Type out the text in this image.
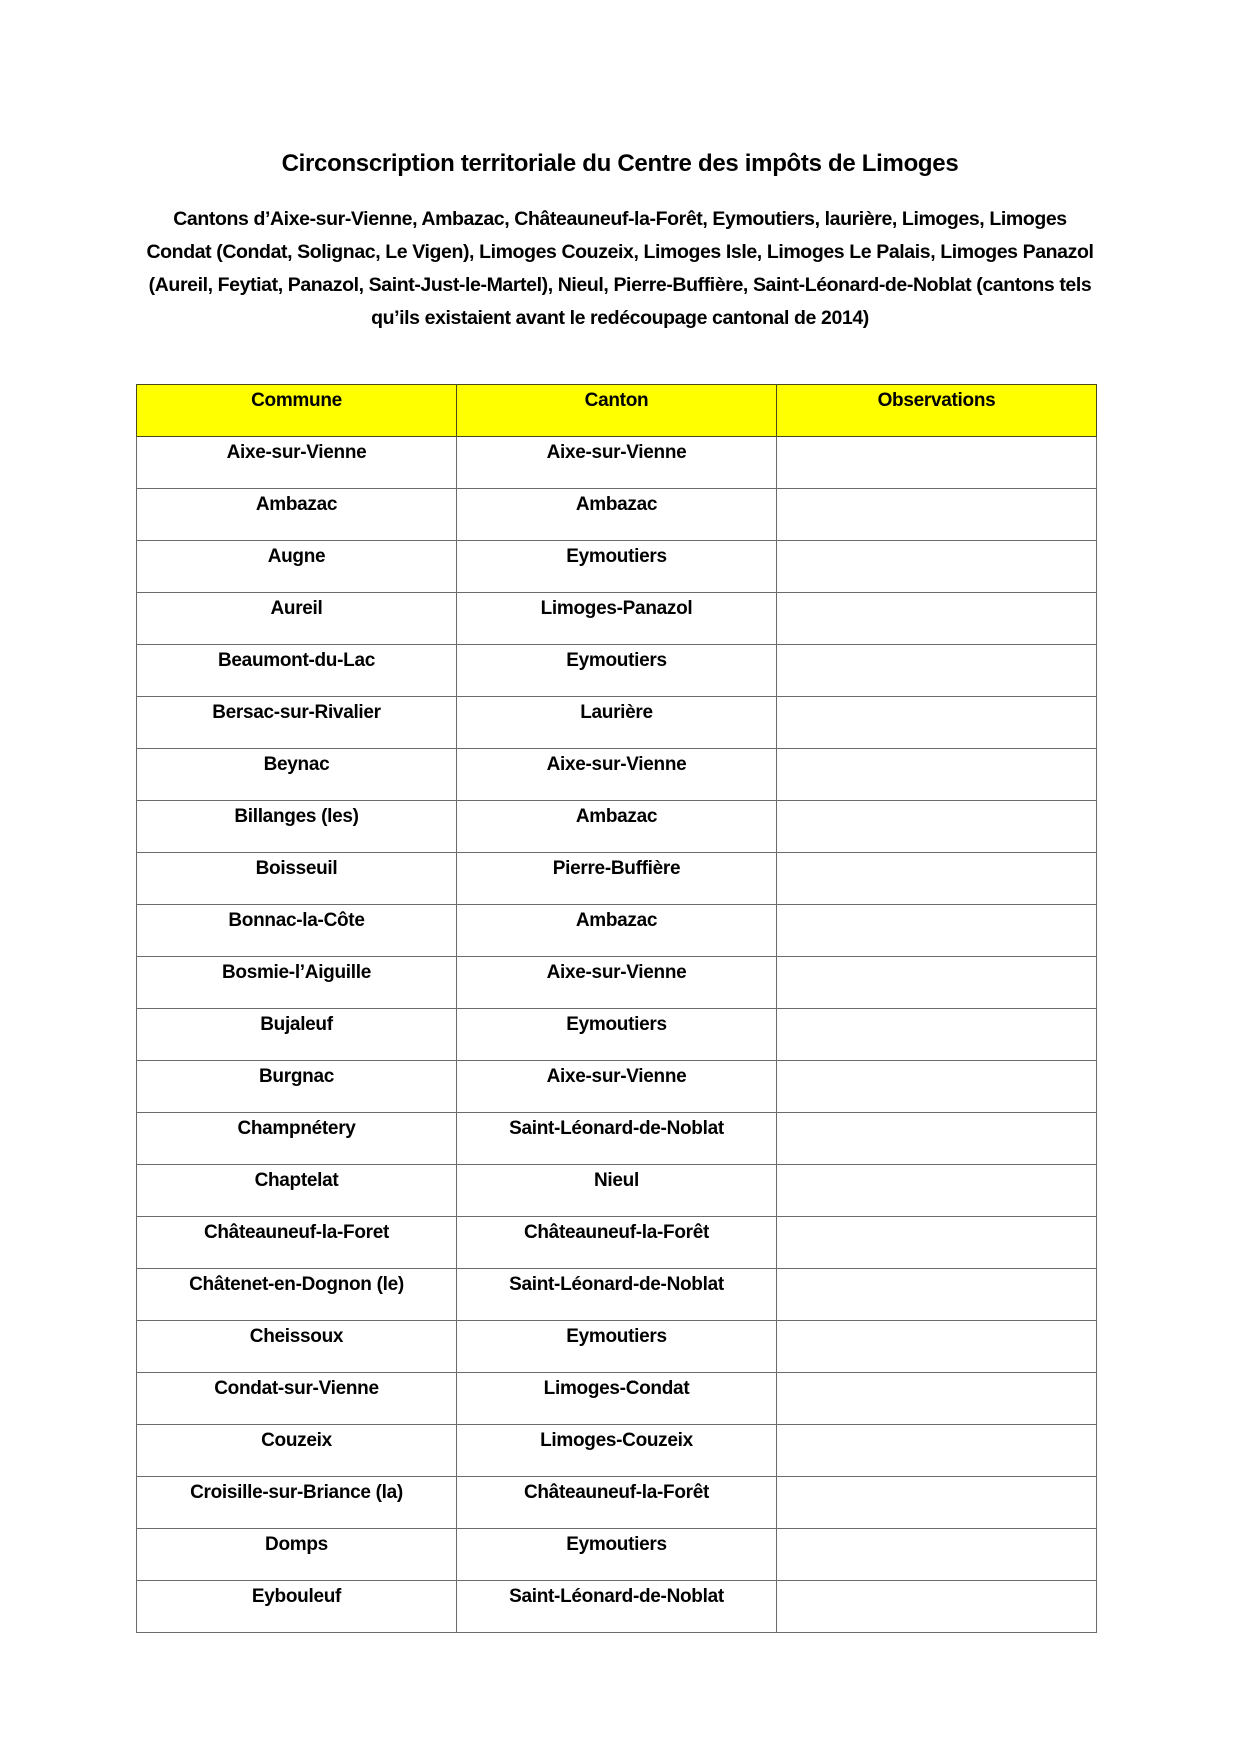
Circonscription territoriale du Centre des impôts de Limoges
Cantons d’Aixe-sur-Vienne, Ambazac, Châteauneuf-la-Forêt, Eymoutiers, laurière, Limoges, Limoges Condat (Condat, Solignac, Le Vigen), Limoges Couzeix, Limoges Isle, Limoges Le Palais, Limoges Panazol (Aureil, Feytiat, Panazol, Saint-Just-le-Martel), Nieul, Pierre-Buffière, Saint-Léonard-de-Noblat (cantons tels qu’ils existaient avant le redécoupage cantonal de 2014)
Commune	Canton	Observations
Aixe-sur-Vienne	Aixe-sur-Vienne	
Ambazac	Ambazac	
Augne	Eymoutiers	
Aureil	Limoges-Panazol	
Beaumont-du-Lac	Eymoutiers	
Bersac-sur-Rivalier	Laurière	
Beynac	Aixe-sur-Vienne	
Billanges (les)	Ambazac	
Boisseuil	Pierre-Buffière	
Bonnac-la-Côte	Ambazac	
Bosmie-l’Aiguille	Aixe-sur-Vienne	
Bujaleuf	Eymoutiers	
Burgnac	Aixe-sur-Vienne	
Champnétery	Saint-Léonard-de-Noblat	
Chaptelat	Nieul	
Châteauneuf-la-Foret	Châteauneuf-la-Forêt	
Châtenet-en-Dognon (le)	Saint-Léonard-de-Noblat	
Cheissoux	Eymoutiers	
Condat-sur-Vienne	Limoges-Condat	
Couzeix	Limoges-Couzeix	
Croisille-sur-Briance (la)	Châteauneuf-la-Forêt	
Domps	Eymoutiers	
Eybouleuf	Saint-Léonard-de-Noblat	
